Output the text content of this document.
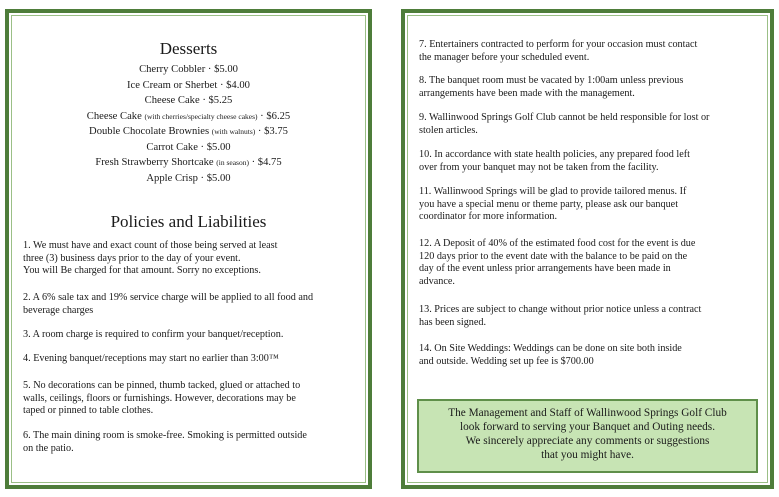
Desserts
Cherry Cobbler · $5.00
Ice Cream or Sherbet · $4.00
Cheese Cake · $5.25
Cheese Cake (with cherries/specialty cheese cakes) · $6.25
Double Chocolate Brownies (with walnuts) · $3.75
Carrot Cake · $5.00
Fresh Strawberry Shortcake (in season) · $4.75
Apple Crisp · $5.00
Policies and Liabilities
1. We must have and exact count of those being served at least
three (3) business days prior to the day of your event.
You will Be charged for that amount. Sorry no exceptions.
2. A 6% sale tax and 19% service charge will be applied to all food and
beverage charges
3. A room charge is required to confirm your banquet/reception.
4. Evening banquet/receptions may start no earlier than 3:00™
5. No decorations can be pinned, thumb tacked, glued or attached to
walls, ceilings, floors or furnishings. However, decorations may be
taped or pinned to table clothes.
6. The main dining room is smoke-free. Smoking is permitted outside
on the patio.
7. Entertainers contracted to perform for your occasion must contact
the manager before your scheduled event.
8. The banquet room must be vacated by 1:00am unless previous
arrangements have been made with the management.
9. Wallinwood Springs Golf Club cannot be held responsible for lost or
stolen articles.
10. In accordance with state health policies, any prepared food left
over from your banquet may not be taken from the facility.
11. Wallinwood Springs will be glad to provide tailored menus. If
you have a special menu or theme party, please ask our banquet
coordinator for more information.
12. A Deposit of 40% of the estimated food cost for the event is due
120 days prior to the event date with the balance to be paid on the
day of the event unless prior arrangements have been made in
advance.
13. Prices are subject to change without prior notice unless a contract
has been signed.
14. On Site Weddings: Weddings can be done on site both inside
and outside. Wedding set up fee is $700.00
The Management and Staff of Wallinwood Springs Golf Club
look forward to serving your Banquet and Outing needs.
We sincerely appreciate any comments or suggestions
that you might have.
